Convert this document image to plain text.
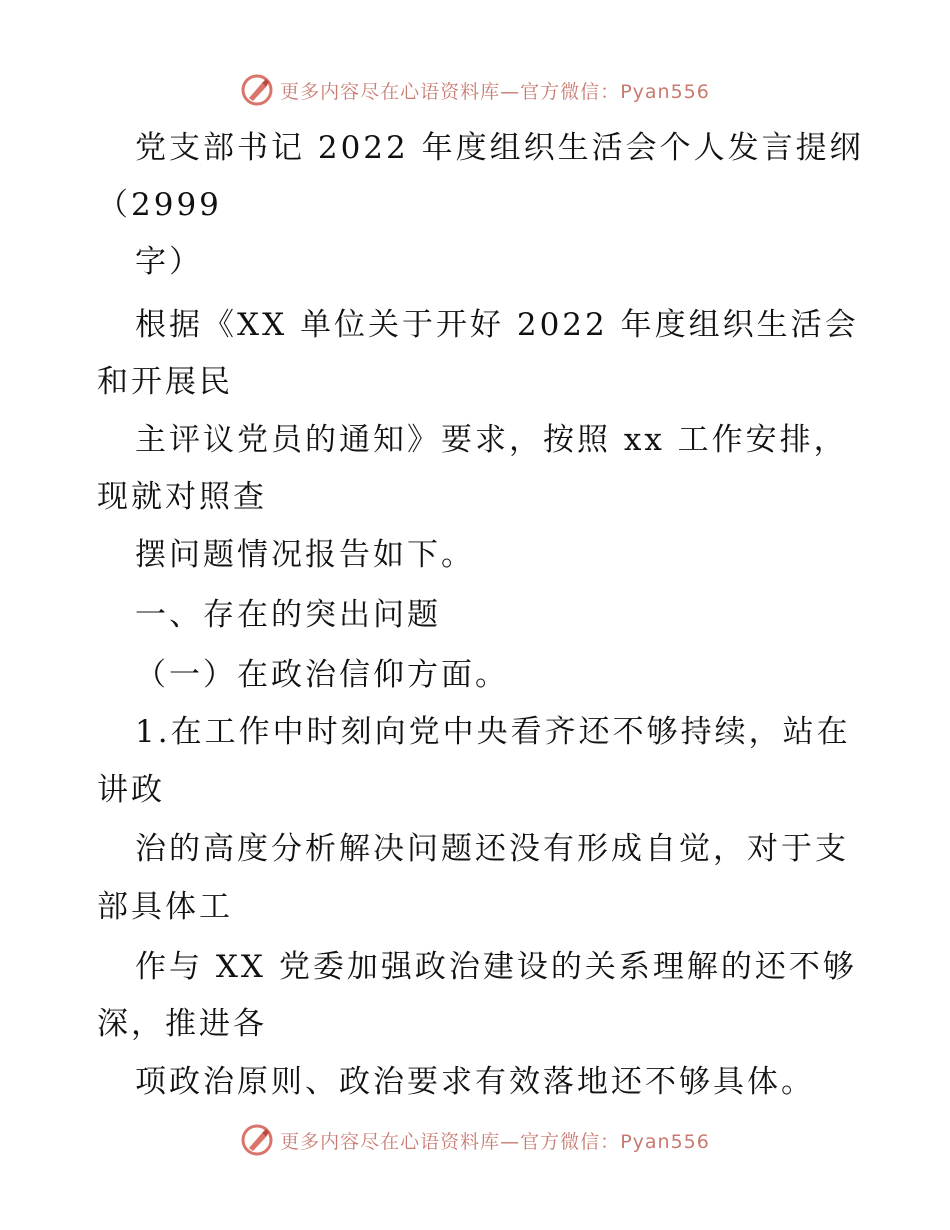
更多内容尽在心语资料库—官方微信：Pyan556
党支部书记 2022 年度组织生活会个人发言提纲
（2999
字）
根据《XX 单位关于开好 2022 年度组织生活会
和开展民
主评议党员的通知》要求，按照 xx 工作安排，
现就对照查
摆问题情况报告如下。
一、存在的突出问题
（一）在政治信仰方面。
1.在工作中时刻向党中央看齐还不够持续，站在
讲政
治的高度分析解决问题还没有形成自觉，对于支
部具体工
作与 XX 党委加强政治建设的关系理解的还不够
深，推进各
项政治原则、政治要求有效落地还不够具体。
更多内容尽在心语资料库—官方微信：Pyan556
